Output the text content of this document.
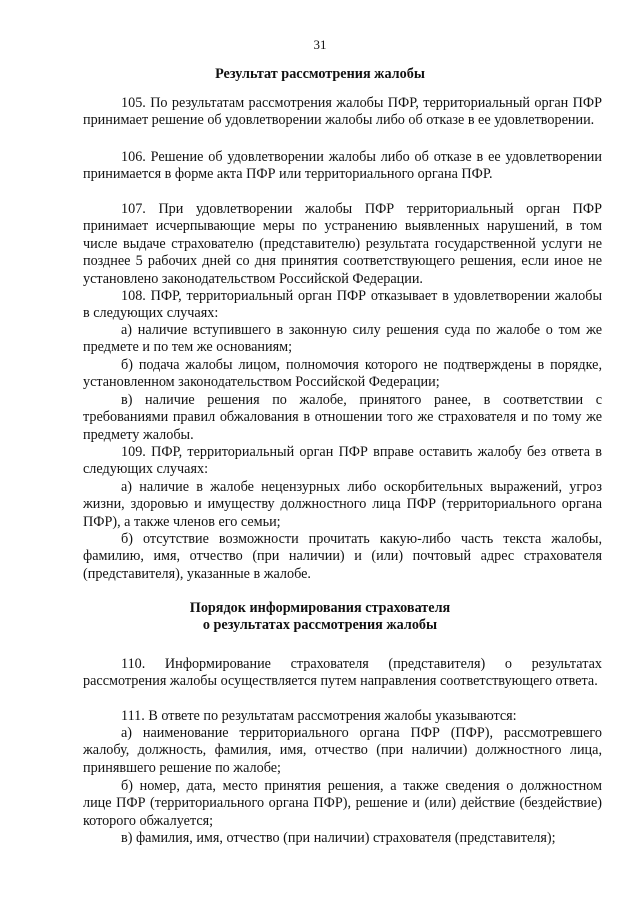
31
Результат рассмотрения жалобы

105. По результатам рассмотрения жалобы ПФР, территориальный орган ПФР принимает решение об удовлетворении жалобы либо об отказе в ее удовлетворении.

106. Решение об удовлетворении жалобы либо об отказе в ее удовлетворении принимается в форме акта ПФР или территориального органа ПФР.

107. При удовлетворении жалобы ПФР территориальный орган ПФР принимает исчерпывающие меры по устранению выявленных нарушений, в том числе выдаче страхователю (представителю) результата государственной услуги не позднее 5 рабочих дней со дня принятия соответствующего решения, если иное не установлено законодательством Российской Федерации.

108. ПФР, территориальный орган ПФР отказывает в удовлетворении жалобы в следующих случаях:

а) наличие вступившего в законную силу решения суда по жалобе о том же предмете и по тем же основаниям;

б) подача жалобы лицом, полномочия которого не подтверждены в порядке, установленном законодательством Российской Федерации;

в) наличие решения по жалобе, принятого ранее, в соответствии с требованиями правил обжалования в отношении того же страхователя и по тому же предмету жалобы.

109. ПФР, территориальный орган ПФР вправе оставить жалобу без ответа в следующих случаях:

а) наличие в жалобе нецензурных либо оскорбительных выражений, угроз жизни, здоровью и имуществу должностного лица ПФР (территориального органа ПФР), а также членов его семьи;

б) отсутствие возможности прочитать какую-либо часть текста жалобы, фамилию, имя, отчество (при наличии) и (или) почтовый адрес страхователя (представителя), указанные в жалобе.

Порядок информирования страхователя
о результатах рассмотрения жалобы

110. Информирование страхователя (представителя) о результатах рассмотрения жалобы осуществляется путем направления соответствующего ответа.

111. В ответе по результатам рассмотрения жалобы указываются:

а) наименование территориального органа ПФР (ПФР), рассмотревшего жалобу, должность, фамилия, имя, отчество (при наличии) должностного лица, принявшего решение по жалобе;

б) номер, дата, место принятия решения, а также сведения о должностном лице ПФР (территориального органа ПФР), решение и (или) действие (бездействие) которого обжалуется;

в) фамилия, имя, отчество (при наличии) страхователя (представителя);
